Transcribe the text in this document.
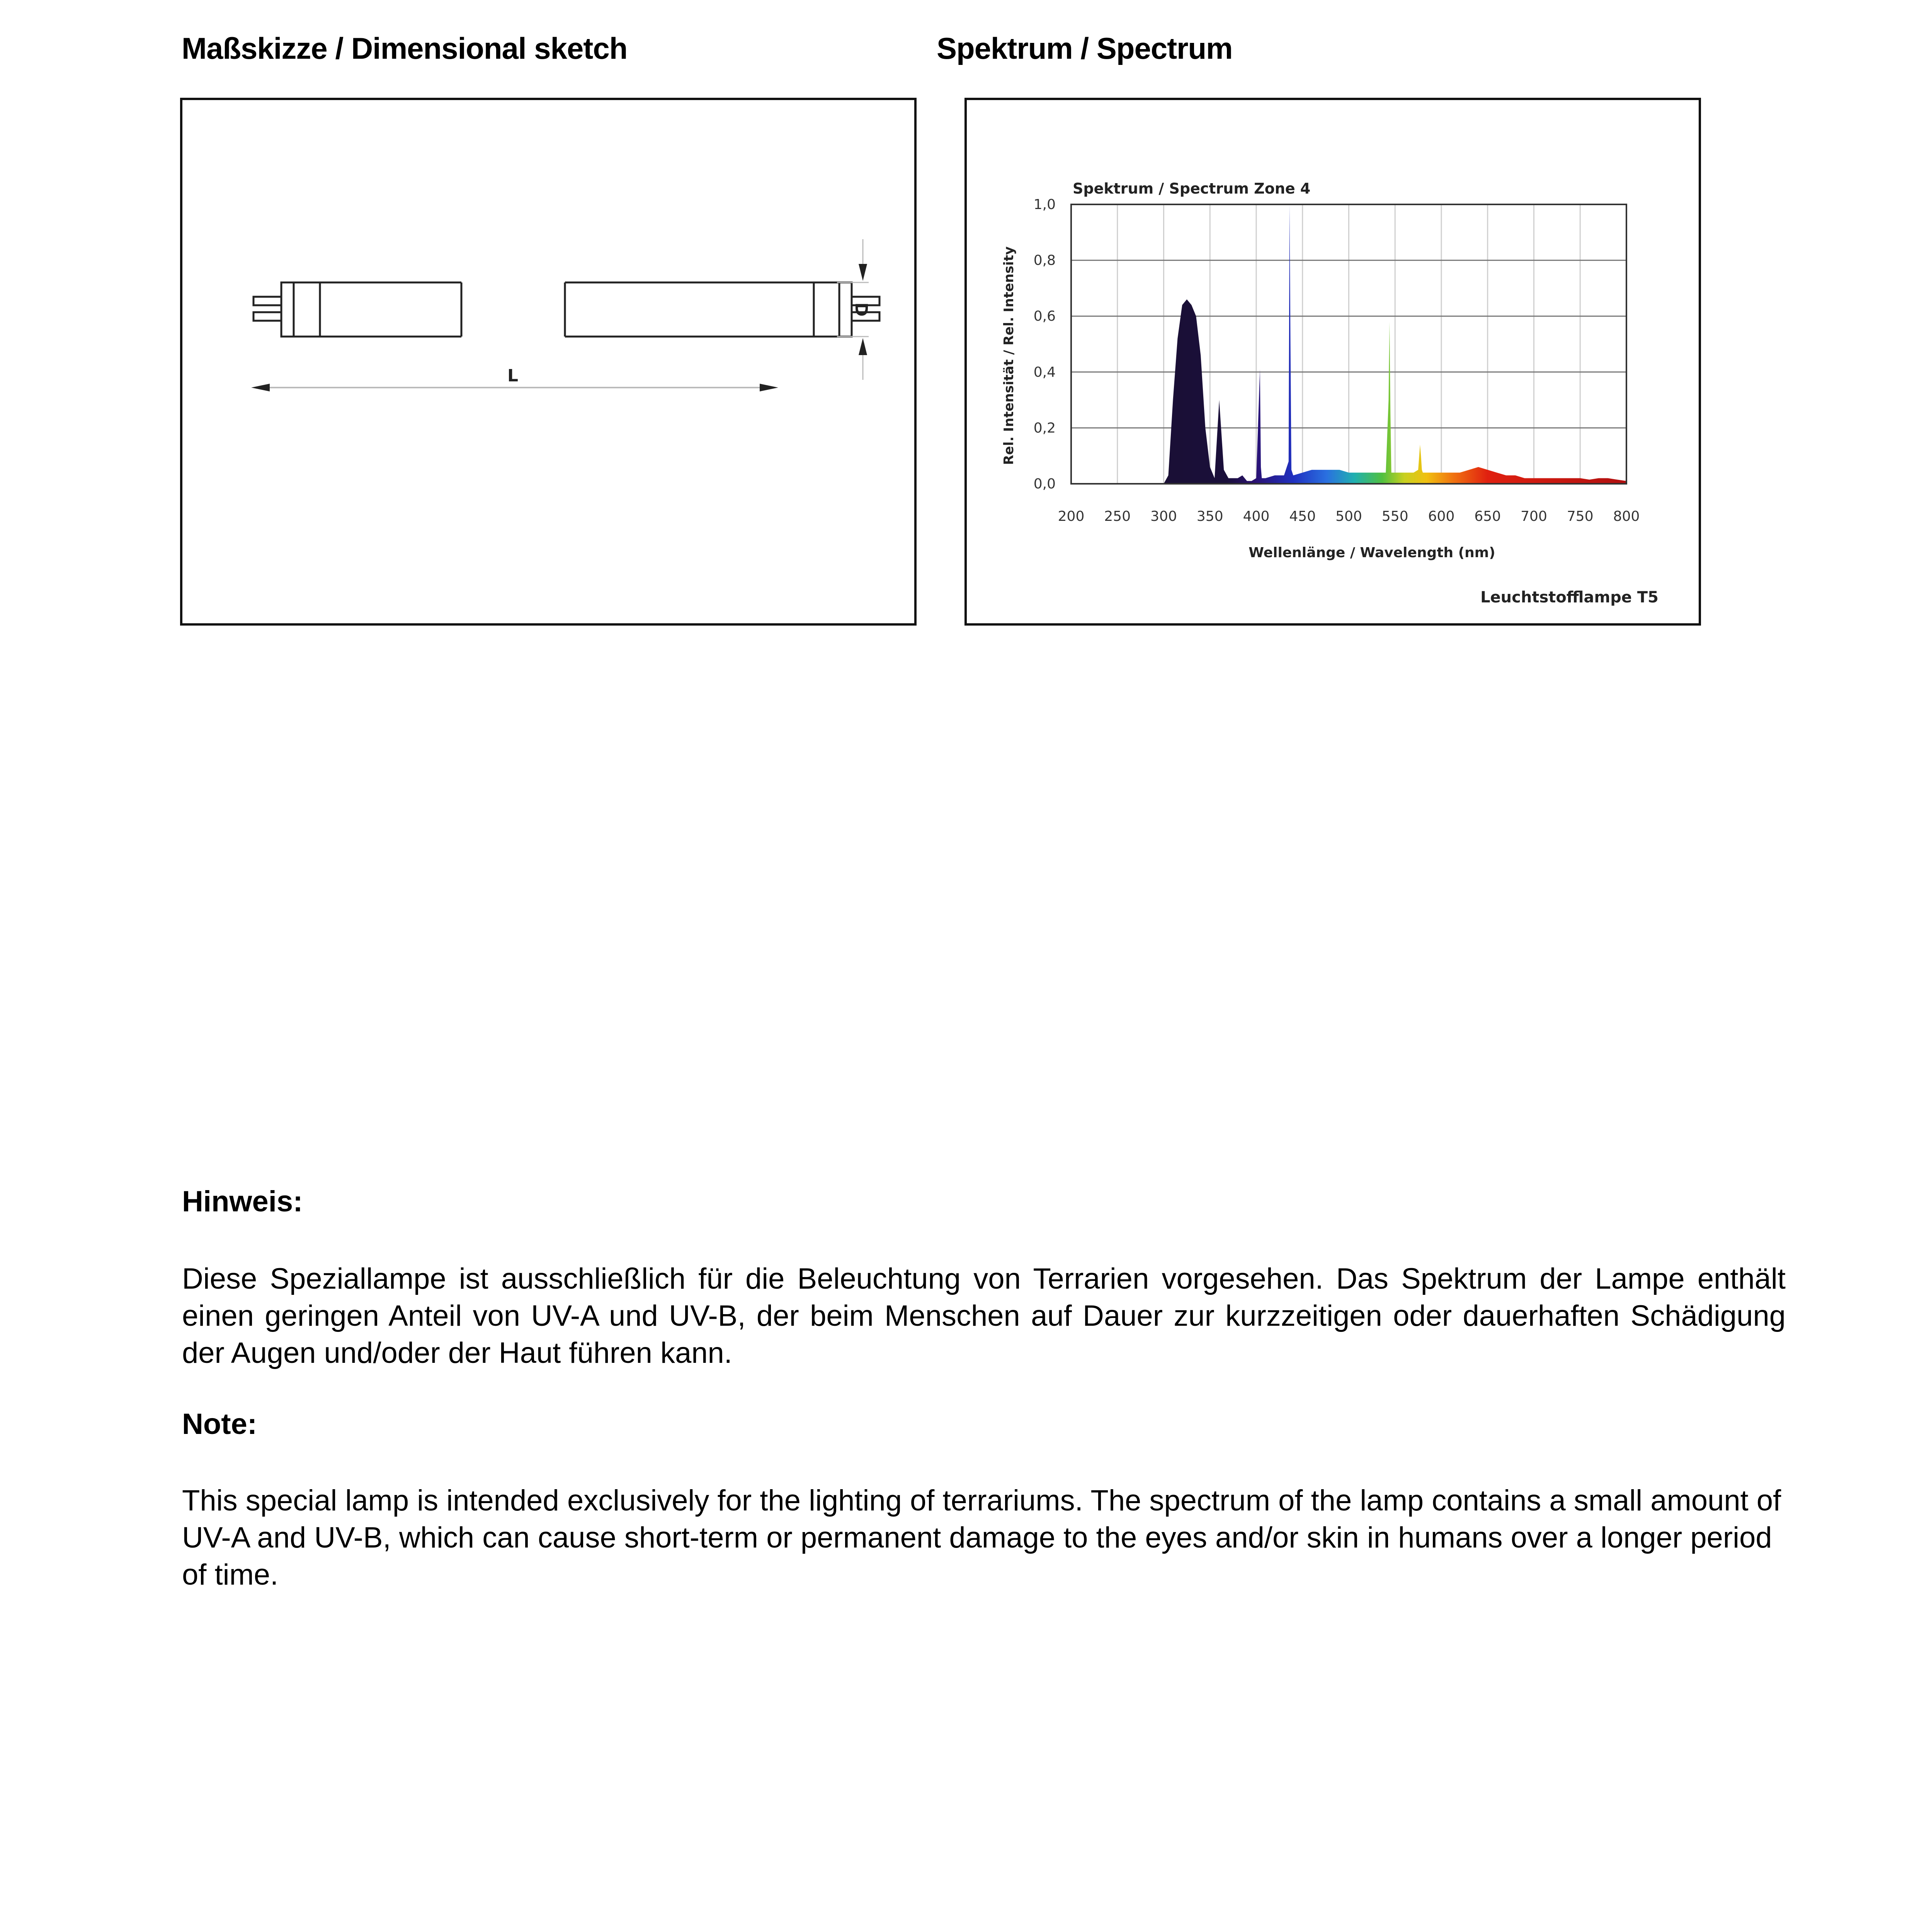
Maßskizze / Dimensional sketch	Spektrum / Spectrum
L
D
Spektrum / Spectrum Zone 4
200 250 300 350 400 450 500 550 600 650 700 750 800
0,0
0,2
0,4
0,6
0,8
1,0
Wellenlänge / Wavelength (nm)
Rel. Intensität / Rel. Intensity
Leuchtstofflampe T5
Hinweis:

Diese Speziallampe ist ausschließlich für die Beleuchtung von Terrarien vorgesehen. Das Spektrum der Lampe enthält einen geringen Anteil von UV-A und UV-B, der beim Menschen auf Dauer zur kurzzeitigen oder dauerhaften Schädigung der Augen und/oder der Haut führen kann.

Note:

This special lamp is intended exclusively for the lighting of terrariums. The spectrum of the lamp contains a small amount of UV-A and UV-B, which can cause short-term or permanent damage to the eyes and/or skin in humans over a longer period of time.
